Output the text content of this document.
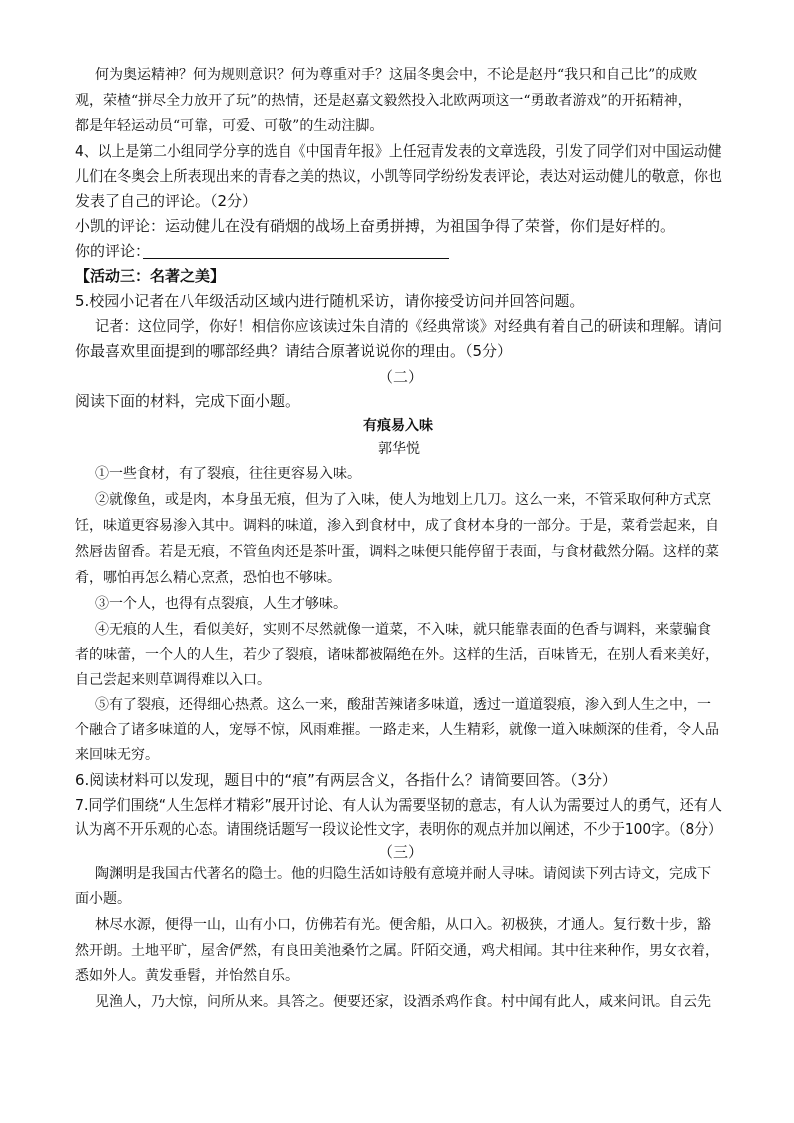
何为奥运精神？何为规则意识？何为尊重对手？这届冬奥会中，不论是赵丹“我只和自己比”的成败
观，荣楂“拼尽全力放开了玩”的热情，还是赵嘉文毅然投入北欧两项这一“勇敢者游戏”的开拓精神，
都是年轻运动员“可靠，可爱、可敬”的生动注脚。
4、以上是第二小组同学分享的选自《中国青年报》上任冠青发表的文章选段，引发了同学们对中国运动健
儿们在冬奥会上所表现出来的青春之美的热议，小凯等同学纷纷发表评论，表达对运动健儿的敬意，你也
发表了自己的评论。（2分）
小凯的评论：运动健儿在没有硝烟的战场上奋勇拼搏，为祖国争得了荣誉，你们是好样的。
你的评论：
【活动三：名著之美】
5.校园小记者在八年级活动区域内进行随机采访，请你接受访问并回答问题。
记者：这位同学，你好！相信你应该读过朱自清的《经典常谈》对经典有着自己的研读和理解。请问
你最喜欢里面提到的哪部经典？请结合原著说说你的理由。（5分）
（二）
阅读下面的材料，完成下面小题。
有痕易入味
郭华悦
①一些食材，有了裂痕，往往更容易入味。
②就像鱼，或是肉，本身虽无痕，但为了入味，使人为地划上几刀。这么一来，不管采取何种方式烹
饪，味道更容易渗入其中。调料的味道，渗入到食材中，成了食材本身的一部分。于是，菜肴尝起来，自
然唇齿留香。若是无痕，不管鱼肉还是茶叶蛋，调料之味便只能停留于表面，与食材截然分隔。这样的菜
肴，哪怕再怎么精心烹煮，恐怕也不够味。
③一个人，也得有点裂痕，人生才够味。
④无痕的人生，看似美好，实则不尽然就像一道菜，不入味，就只能靠表面的色香与调料，来蒙骗食
者的味蕾，一个人的人生，若少了裂痕，诸味都被隔绝在外。这样的生活，百味皆无，在别人看来美好，
自己尝起来则草调得难以入口。
⑤有了裂痕，还得细心热煮。这么一来，酸甜苦辣诸多味道，透过一道道裂痕，渗入到人生之中，一
个融合了诸多味道的人，宠辱不惊，风雨难摧。一路走来，人生精彩，就像一道入味颇深的佳肴，令人品
来回味无穷。
6.阅读材料可以发现，题目中的“痕”有两层含义，各指什么？请简要回答。（3分）
7.同学们围绕“人生怎样才精彩”展开讨论、有人认为需要坚韧的意志，有人认为需要过人的勇气，还有人
认为离不开乐观的心态。请围绕话题写一段议论性文字，表明你的观点并加以阐述，不少于100字。（8分）
（三）
陶渊明是我国古代著名的隐士。他的归隐生活如诗般有意境并耐人寻味。请阅读下列古诗文，完成下
面小题。
林尽水源，便得一山，山有小口，仿佛若有光。便舍船，从口入。初极狭，才通人。复行数十步，豁
然开朗。土地平旷，屋舍俨然，有良田美池桑竹之属。阡陌交通，鸡犬相闻。其中往来种作，男女衣着，
悉如外人。黄发垂髫，并怡然自乐。
见渔人，乃大惊，问所从来。具答之。便要还家，设酒杀鸡作食。村中闻有此人，咸来问讯。自云先
